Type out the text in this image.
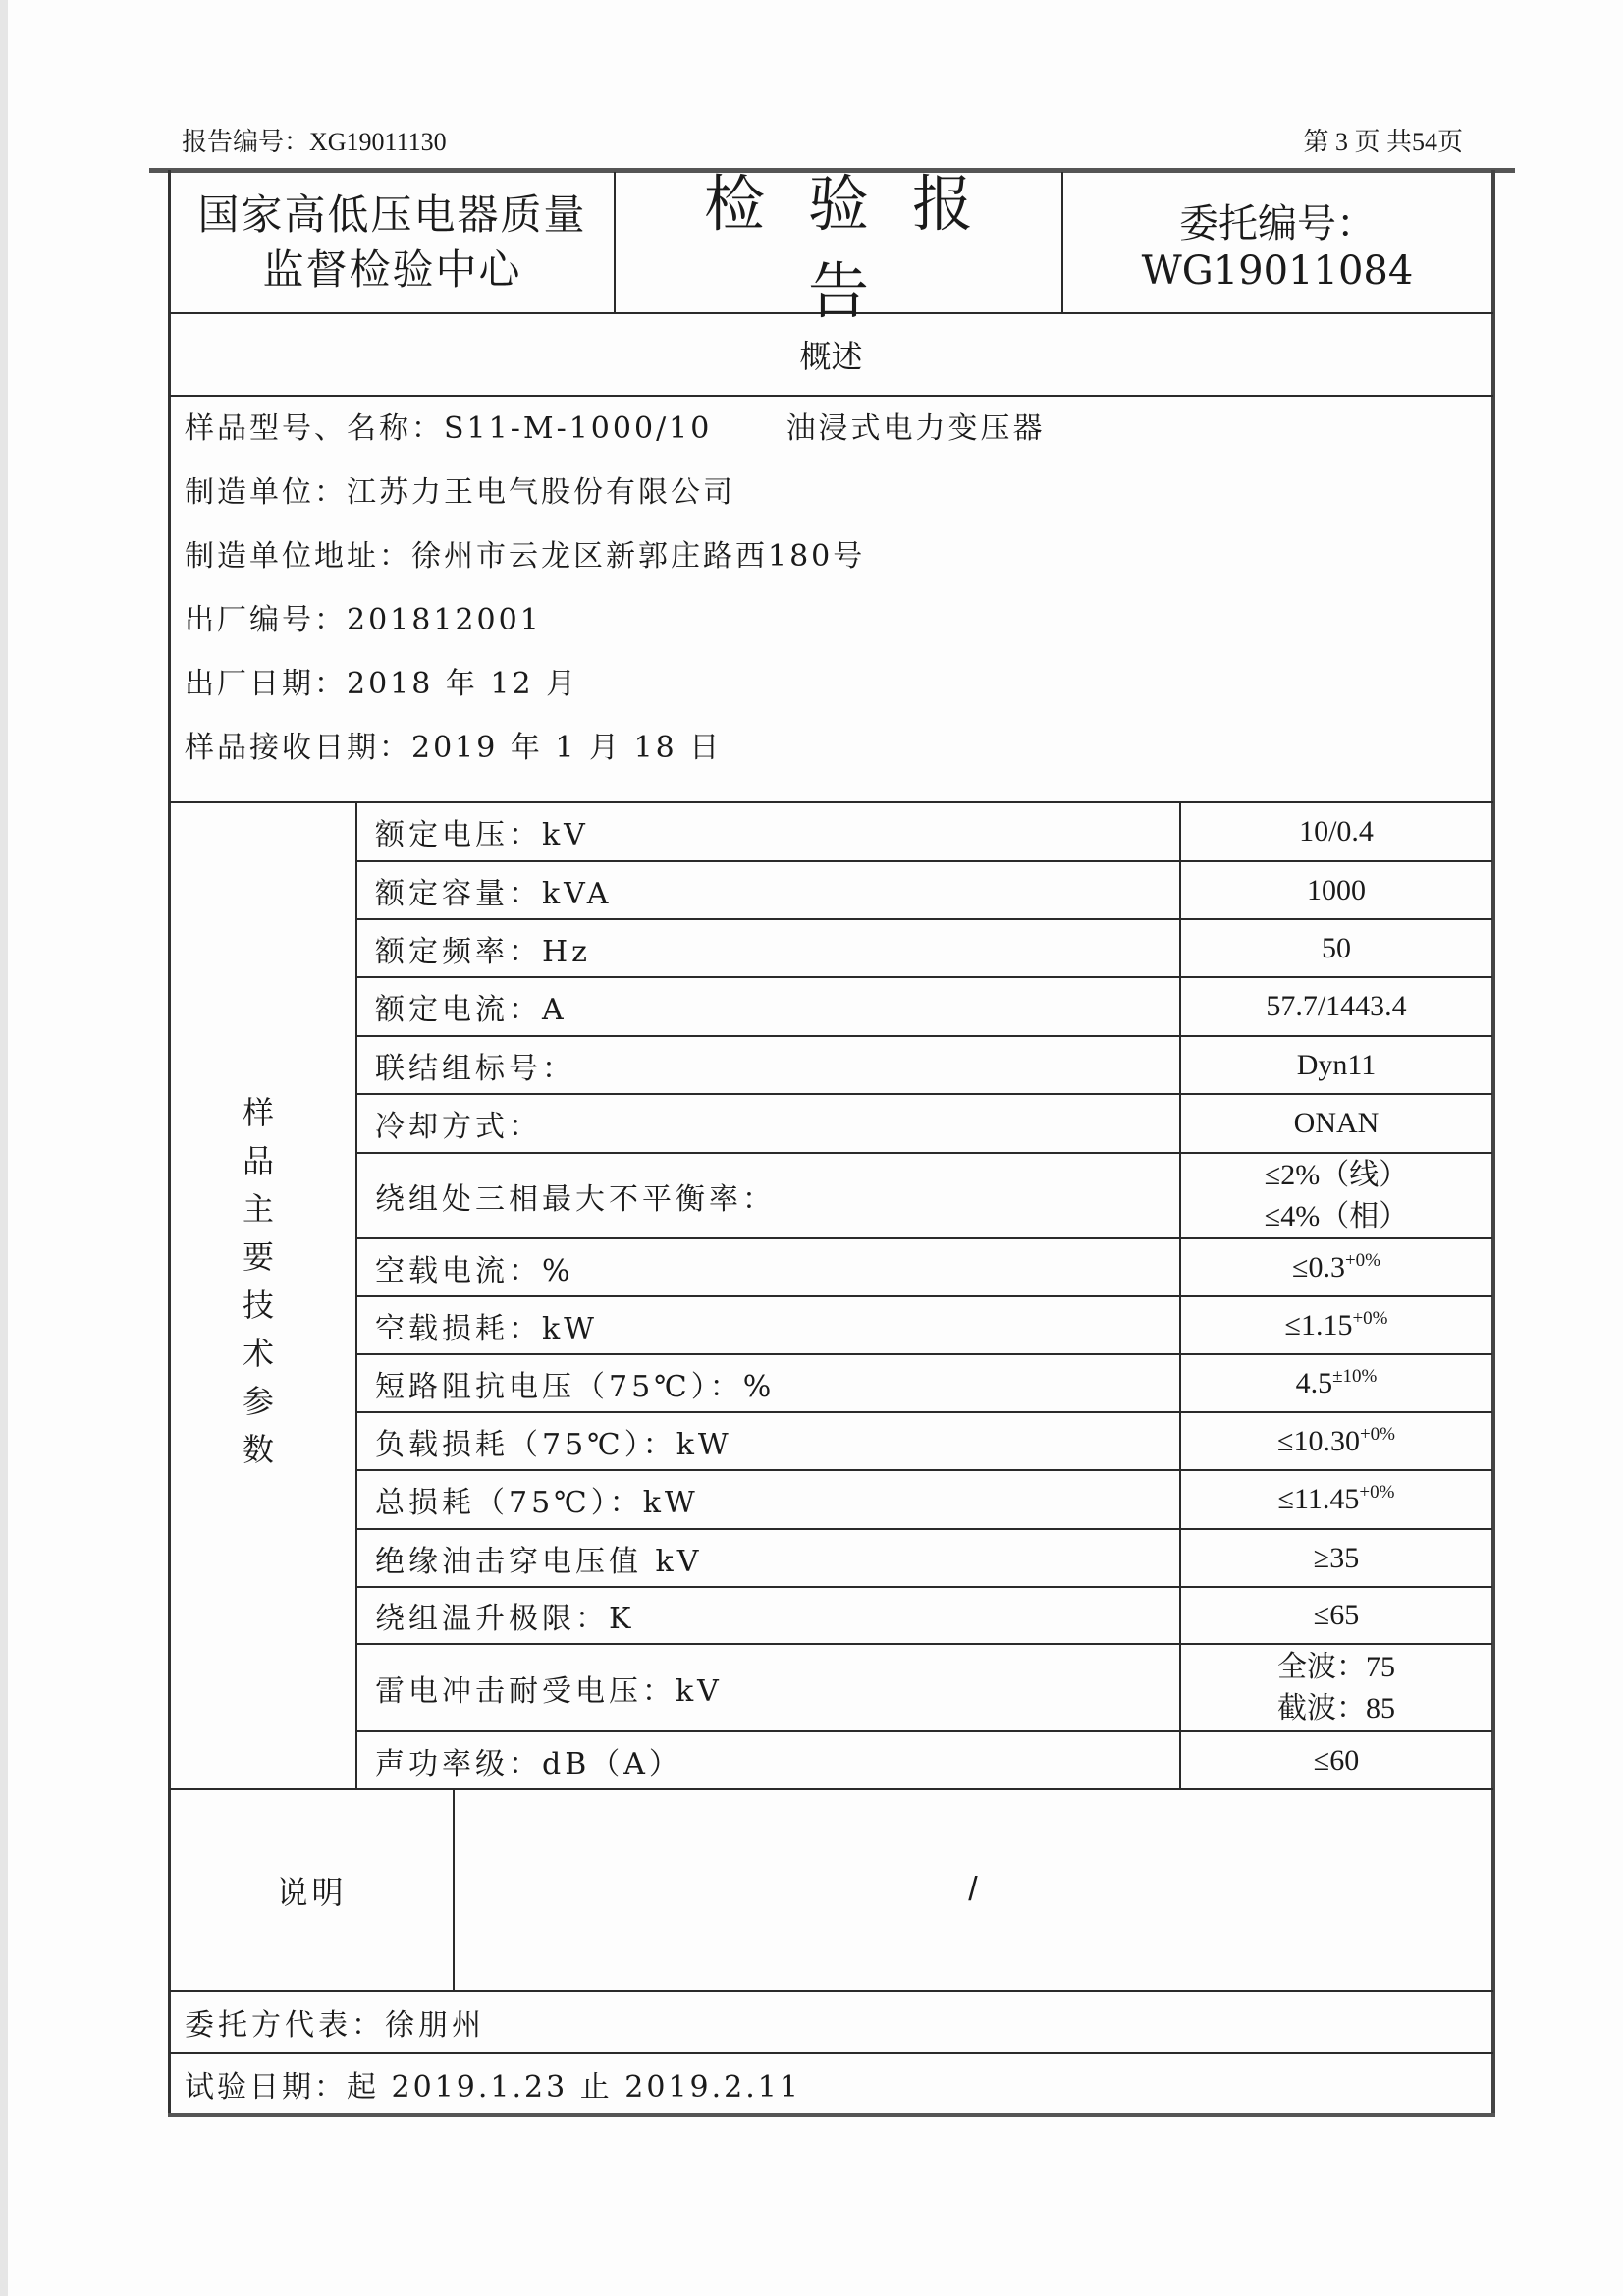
报告编号：XG19011130	第 3 页 共54页
国家高低压电器质量
监督检验中心
检验报告
委托编号：WG19011084
概述
样品型号、名称：S11-M-1000/10      油浸式电力变压器
制造单位：江苏力王电气股份有限公司
制造单位地址：徐州市云龙区新郭庄路西180号
出厂编号：201812001
出厂日期：2018 年 12 月
样品接收日期：2019 年 1 月 18 日
样
品
主
要
技
术
参
数
额定电压：kV
额定容量：kVA
额定频率：Hz
额定电流：A
联结组标号：
冷却方式：
绕组处三相最大不平衡率：
空载电流：%
空载损耗：kW
短路阻抗电压（75℃）：%
负载损耗（75℃）：kW
总损耗（75℃）：kW
绝缘油击穿电压值 kV
绕组温升极限：K
雷电冲击耐受电压：kV
声功率级：dB（A）
10/0.4
1000
50
57.7/1443.4
Dyn11
ONAN
≤2%（线）
≤4%（相）
$\le 0.3^{+0\%}$
$\le 1.15^{+0\%}$
$4.5^{\pm 10\%}$
$\le 10.30^{+0\%}$
$\le 11.45^{+0\%}$
≥35
≤65
全波：75
截波：85
≤60
说明	/
委托方代表：徐朋州
试验日期：起 2019.1.23 止 2019.2.11
